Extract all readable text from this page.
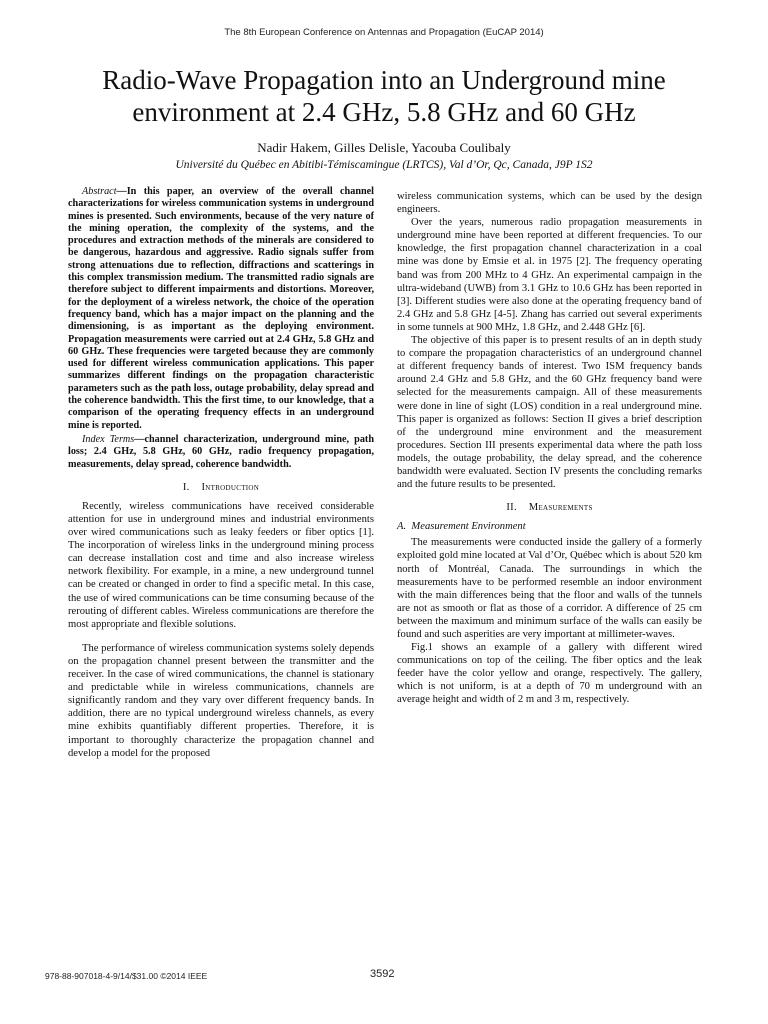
The 8th European Conference on Antennas and Propagation (EuCAP 2014)
Radio-Wave Propagation into an Underground mine environment at 2.4 GHz, 5.8 GHz and 60 GHz
Nadir Hakem, Gilles Delisle, Yacouba Coulibaly
Université du Québec en Abitibi-Témiscamingue (LRTCS), Val d’Or, Qc, Canada, J9P 1S2

Abstract—In this paper, an overview of the overall channel characterizations for wireless communication systems in underground mines is presented. Such environments, because of the very nature of the mining operation, the complexity of the systems, and the procedures and extraction methods of the minerals are considered to be dangerous, hazardous and aggressive. Radio signals suffer from strong attenuations due to reflection, diffractions and scatterings in this complex transmission medium. The transmitted radio signals are therefore subject to different impairments and distortions. Moreover, for the deployment of a wireless network, the choice of the operation frequency band, which has a major impact on the planning and the dimensioning, is as important as the deploying environment. Propagation measurements were carried out at 2.4 GHz, 5.8 GHz and 60 GHz. These frequencies were targeted because they are commonly used for different wireless communication applications. This paper summarizes different findings on the propagation characteristic parameters such as the path loss, outage probability, delay spread and the coherence bandwidth. This the first time, to our knowledge, that a comparison of the operating frequency effects in an underground mine is reported.

Index Terms—channel characterization, underground mine, path loss; 2.4 GHz, 5.8 GHz, 60 GHz, radio frequency propagation, measurements, delay spread, coherence bandwidth.

I. Introduction

Recently, wireless communications have received considerable attention for use in underground mines and industrial environments over wired communications such as leaky feeders or fiber optics [1]. The incorporation of wireless links in the underground mining process can decrease installation cost and time and also increase wireless network flexibility. For example, in a mine, a new underground tunnel can be created or changed in order to find a specific metal. In this case, the use of wired communications can be time consuming because of the rerouting of different cables. Wireless communications are therefore the most appropriate and flexible solutions.

The performance of wireless communication systems solely depends on the propagation channel present between the transmitter and the receiver. In the case of wired communications, the channel is stationary and predictable while in wireless communications, channels are significantly random and they vary over different frequency bands. In addition, there are no typical underground wireless channels, as every mine exhibits quantifiably different properties. Therefore, it is important to thoroughly characterize the propagation channel and develop a model for the proposed

wireless communication systems, which can be used by the design engineers.

Over the years, numerous radio propagation measurements in underground mine have been reported at different frequencies. To our knowledge, the first propagation channel characterization in a coal mine was done by Emsie et al. in 1975 [2]. The frequency operating band was from 200 MHz to 4 GHz. An experimental campaign in the ultra-wideband (UWB) from 3.1 GHz to 10.6 GHz has been reported in [3]. Different studies were also done at the operating frequency band of 2.4 GHz and 5.8 GHz [4-5]. Zhang has carried out several experiments in some tunnels at 900 MHz, 1.8 GHz, and 2.448 GHz [6].

The objective of this paper is to present results of an in depth study to compare the propagation characteristics of an underground channel at different frequency bands of interest. Two ISM frequency bands around 2.4 GHz and 5.8 GHz, and the 60 GHz frequency band were selected for the measurements campaign. All of these measurements were done in line of sight (LOS) condition in a real underground mine. This paper is organized as follows: Section II gives a brief description of the underground mine environment and the measurement procedures. Section III presents experimental data where the path loss models, the outage probability, the delay spread, and the coherence bandwidth were evaluated. Section IV presents the concluding remarks and the future results to be presented.

II. Measurements

A. Measurement Environment

The measurements were conducted inside the gallery of a formerly exploited gold mine located at Val d’Or, Québec which is about 520 km north of Montréal, Canada. The surroundings in which the measurements have to be performed resemble an indoor environment with the main differences being that the floor and walls of the tunnels are not as smooth or flat as those of a corridor. A difference of 25 cm between the maximum and minimum surface of the walls can easily be found and such asperities are very important at millimeter-waves.

Fig.1 shows an example of a gallery with different wired communications on top of the ceiling. The fiber optics and the leak feeder have the color yellow and orange, respectively. The gallery, which is not uniform, is at a depth of 70 m underground with an average height and width of 2 m and 3 m, respectively.

978-88-907018-4-9/14/$31.00 ©2014 IEEE	3592
